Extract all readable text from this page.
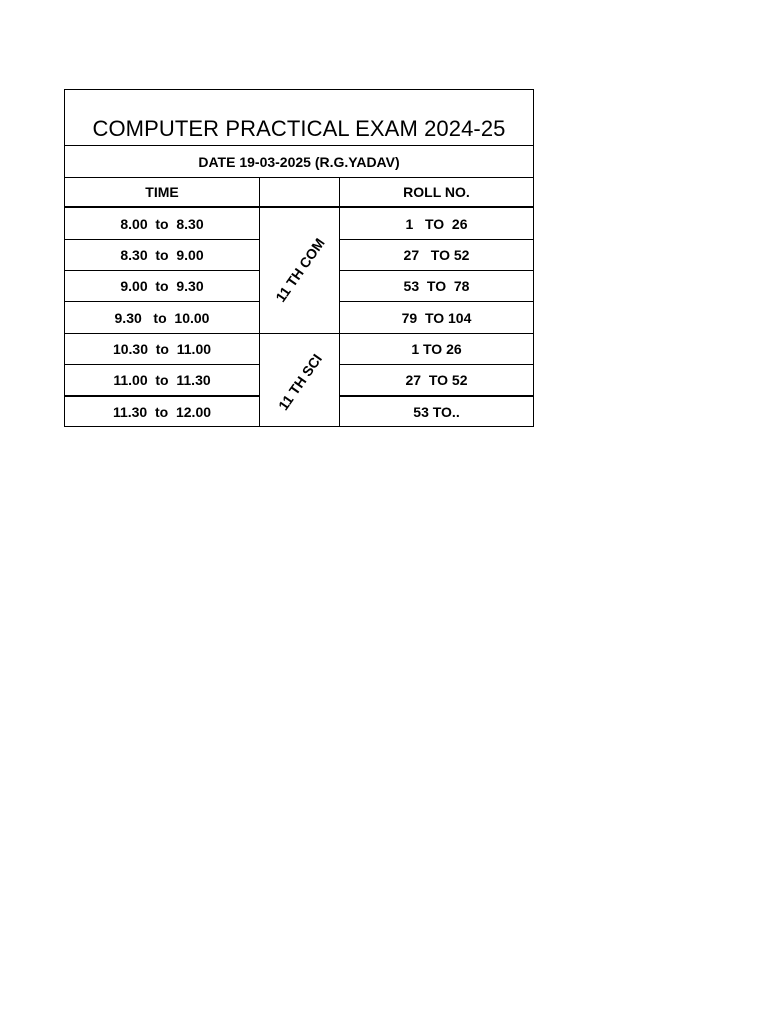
COMPUTER PRACTICAL EXAM 2024-25
DATE 19-03-2025 (R.G.YADAV)
TIME	ROLL NO.
8.00  to  8.30	1   TO  26
8.30  to  9.00	27   TO 52
9.00  to  9.30	53  TO  78
9.30   to  10.00	79  TO 104
11 TH COM
10.30  to  11.00	1 TO 26
11.00  to  11.30	27  TO 52
11.30  to  12.00	53 TO..
11 TH SCI
